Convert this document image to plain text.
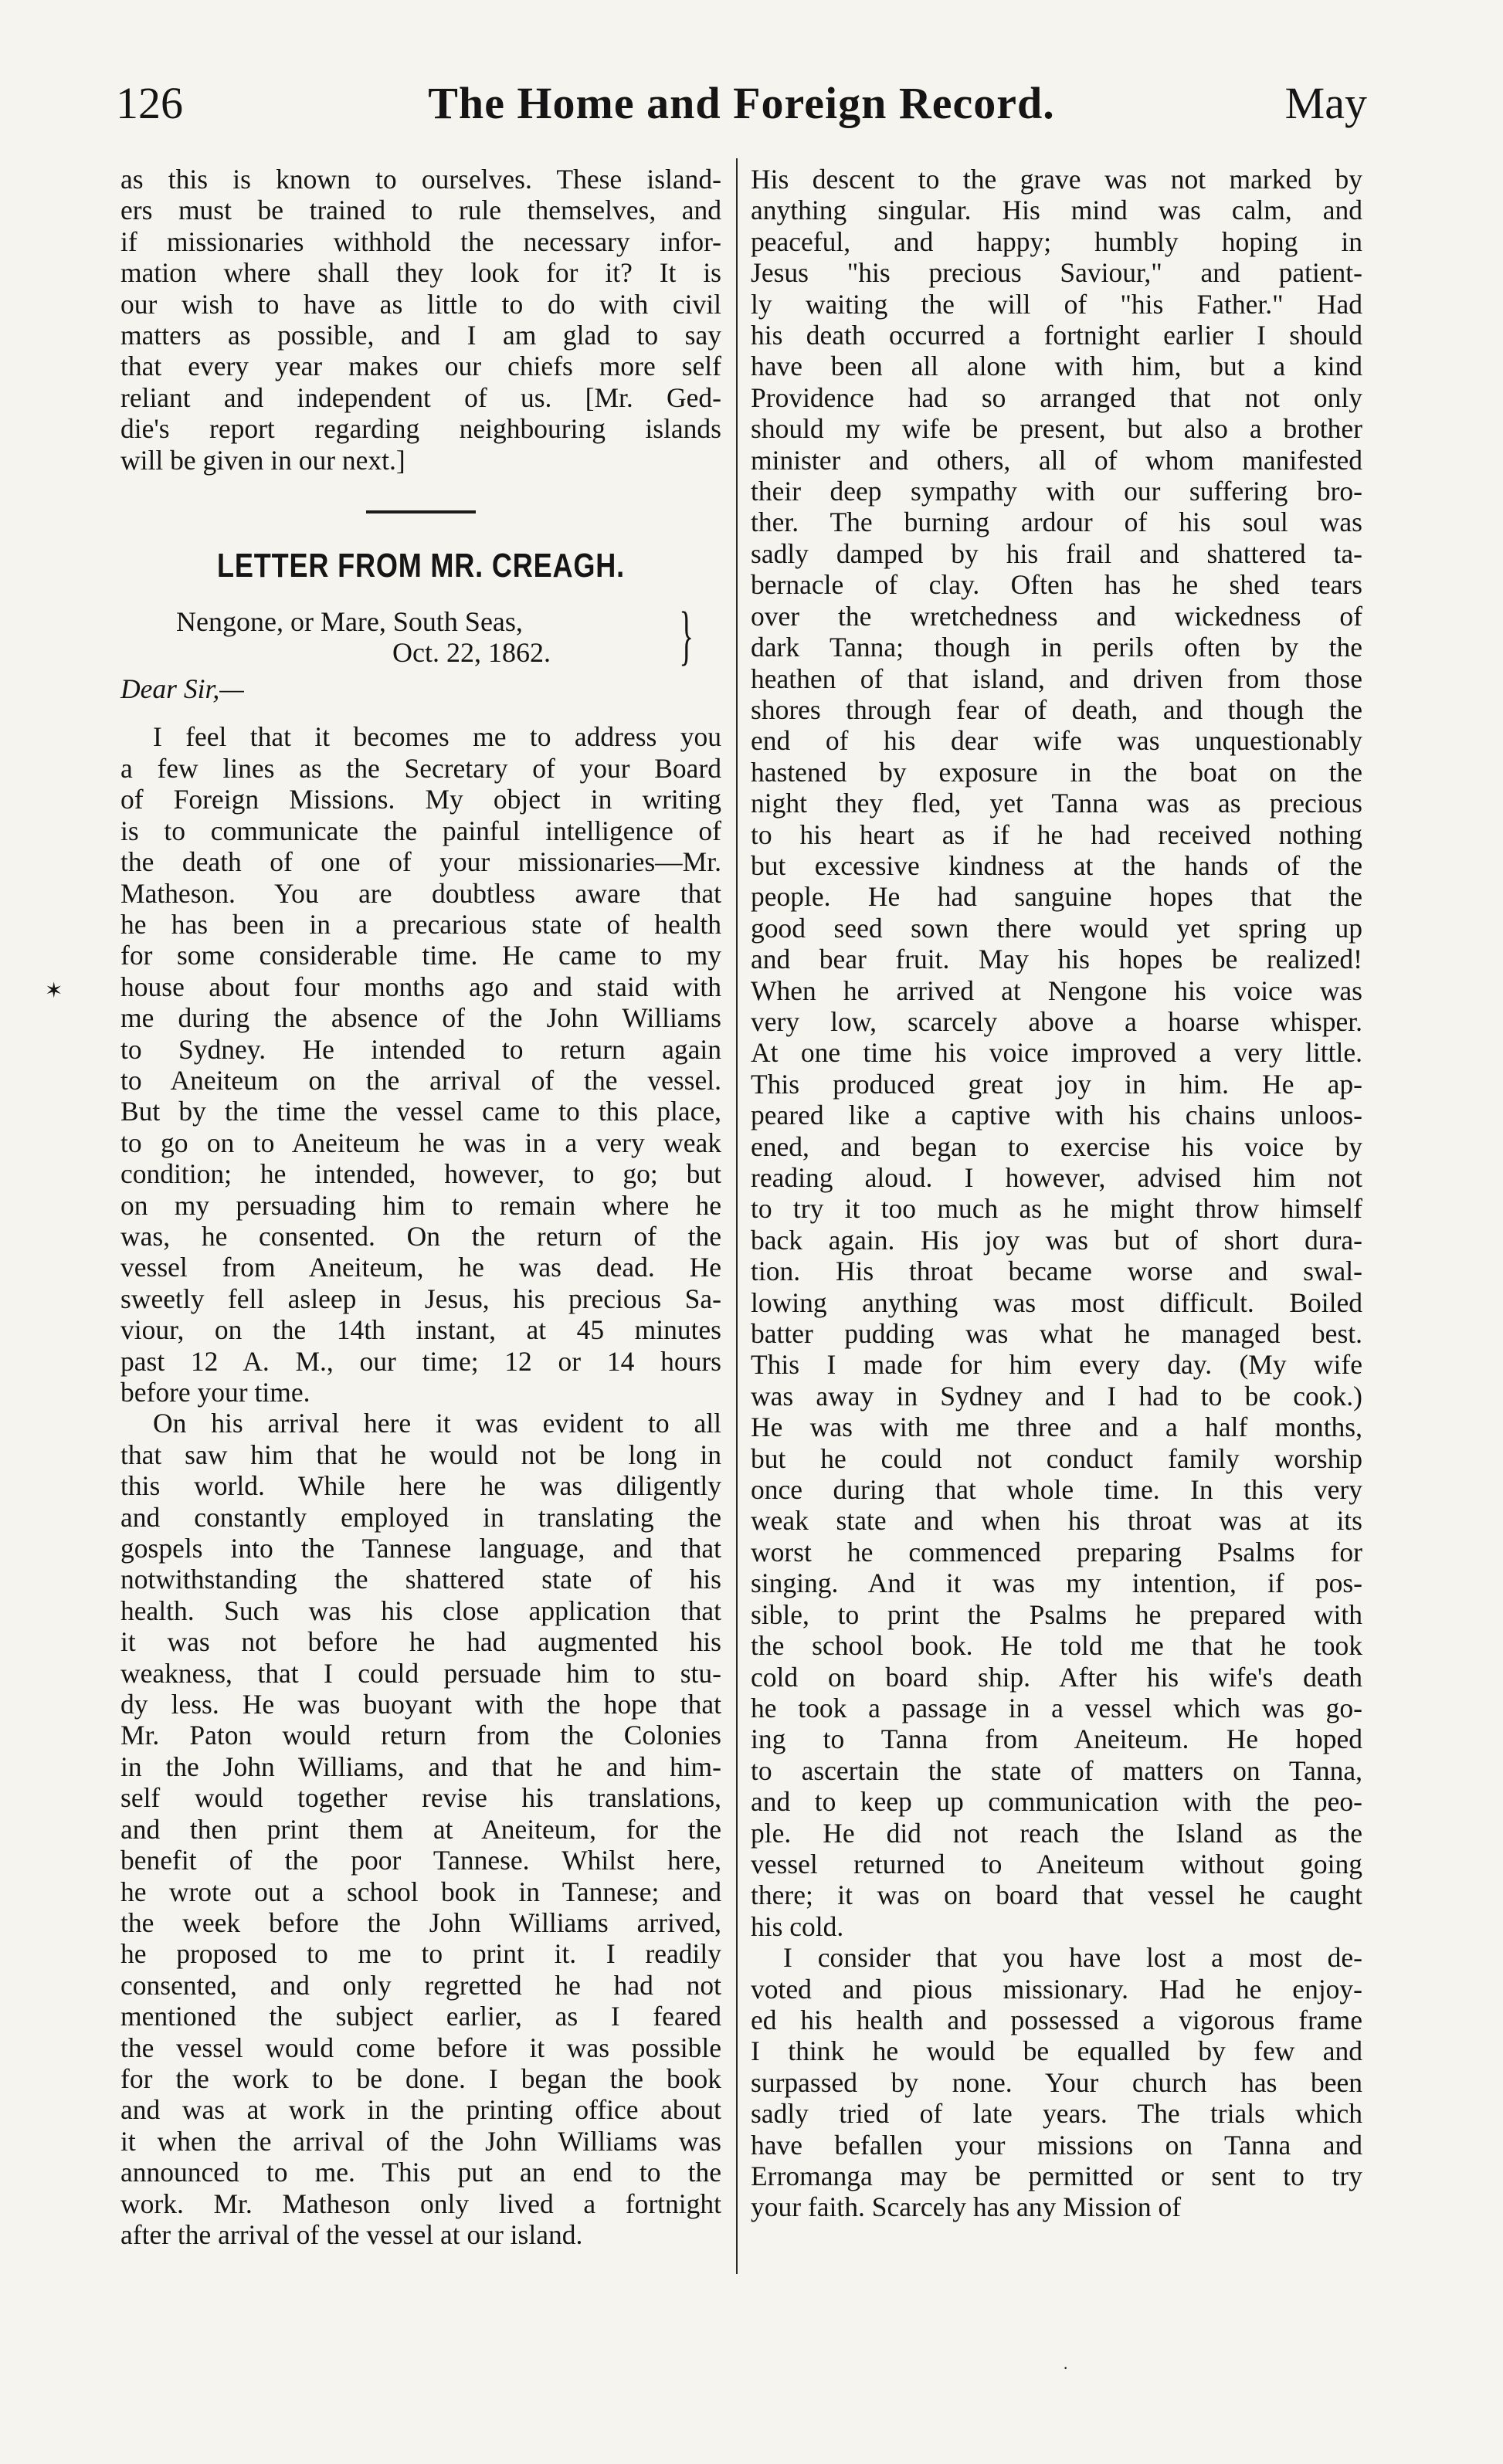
126	The Home and Foreign Record.	May
✶
·
as this is known to ourselves. These island-
ers must be trained to rule themselves, and
if missionaries withhold the necessary infor-
mation where shall they look for it? It is
our wish to have as little to do with civil
matters as possible, and I am glad to say
that every year makes our chiefs more self
reliant and independent of us. [Mr. Ged-
die's report regarding neighbouring islands
will be given in our next.]
LETTER FROM MR. CREAGH.
Nengone, or Mare, South Seas,
Oct. 22, 1862. }
Dear Sir,—
I feel that it becomes me to address you
a few lines as the Secretary of your Board
of Foreign Missions. My object in writing
is to communicate the painful intelligence of
the death of one of your missionaries—Mr.
Matheson. You are doubtless aware that
he has been in a precarious state of health
for some considerable time. He came to my
house about four months ago and staid with
me during the absence of the John Williams
to Sydney. He intended to return again
to Aneiteum on the arrival of the vessel.
But by the time the vessel came to this place,
to go on to Aneiteum he was in a very weak
condition; he intended, however, to go; but
on my persuading him to remain where he
was, he consented. On the return of the
vessel from Aneiteum, he was dead. He
sweetly fell asleep in Jesus, his precious Sa-
viour, on the 14th instant, at 45 minutes
past 12 A. M., our time; 12 or 14 hours
before your time.
On his arrival here it was evident to all
that saw him that he would not be long in
this world. While here he was diligently
and constantly employed in translating the
gospels into the Tannese language, and that
notwithstanding the shattered state of his
health. Such was his close application that
it was not before he had augmented his
weakness, that I could persuade him to stu-
dy less. He was buoyant with the hope that
Mr. Paton would return from the Colonies
in the John Williams, and that he and him-
self would together revise his translations,
and then print them at Aneiteum, for the
benefit of the poor Tannese. Whilst here,
he wrote out a school book in Tannese; and
the week before the John Williams arrived,
he proposed to me to print it. I readily
consented, and only regretted he had not
mentioned the subject earlier, as I feared
the vessel would come before it was possible
for the work to be done. I began the book
and was at work in the printing office about
it when the arrival of the John Williams was
announced to me. This put an end to the
work. Mr. Matheson only lived a fortnight
after the arrival of the vessel at our island.
His descent to the grave was not marked by
anything singular. His mind was calm, and
peaceful, and happy; humbly hoping in
Jesus "his precious Saviour," and patient-
ly waiting the will of "his Father." Had
his death occurred a fortnight earlier I should
have been all alone with him, but a kind
Providence had so arranged that not only
should my wife be present, but also a brother
minister and others, all of whom manifested
their deep sympathy with our suffering bro-
ther. The burning ardour of his soul was
sadly damped by his frail and shattered ta-
bernacle of clay. Often has he shed tears
over the wretchedness and wickedness of
dark Tanna; though in perils often by the
heathen of that island, and driven from those
shores through fear of death, and though the
end of his dear wife was unquestionably
hastened by exposure in the boat on the
night they fled, yet Tanna was as precious
to his heart as if he had received nothing
but excessive kindness at the hands of the
people. He had sanguine hopes that the
good seed sown there would yet spring up
and bear fruit. May his hopes be realized!
When he arrived at Nengone his voice was
very low, scarcely above a hoarse whisper.
At one time his voice improved a very little.
This produced great joy in him. He ap-
peared like a captive with his chains unloos-
ened, and began to exercise his voice by
reading aloud. I however, advised him not
to try it too much as he might throw himself
back again. His joy was but of short dura-
tion. His throat became worse and swal-
lowing anything was most difficult. Boiled
batter pudding was what he managed best.
This I made for him every day. (My wife
was away in Sydney and I had to be cook.)
He was with me three and a half months,
but he could not conduct family worship
once during that whole time. In this very
weak state and when his throat was at its
worst he commenced preparing Psalms for
singing. And it was my intention, if pos-
sible, to print the Psalms he prepared with
the school book. He told me that he took
cold on board ship. After his wife's death
he took a passage in a vessel which was go-
ing to Tanna from Aneiteum. He hoped
to ascertain the state of matters on Tanna,
and to keep up communication with the peo-
ple. He did not reach the Island as the
vessel returned to Aneiteum without going
there; it was on board that vessel he caught
his cold.
I consider that you have lost a most de-
voted and pious missionary. Had he enjoy-
ed his health and possessed a vigorous frame
I think he would be equalled by few and
surpassed by none. Your church has been
sadly tried of late years. The trials which
have befallen your missions on Tanna and
Erromanga may be permitted or sent to try
your faith. Scarcely has any Mission of
